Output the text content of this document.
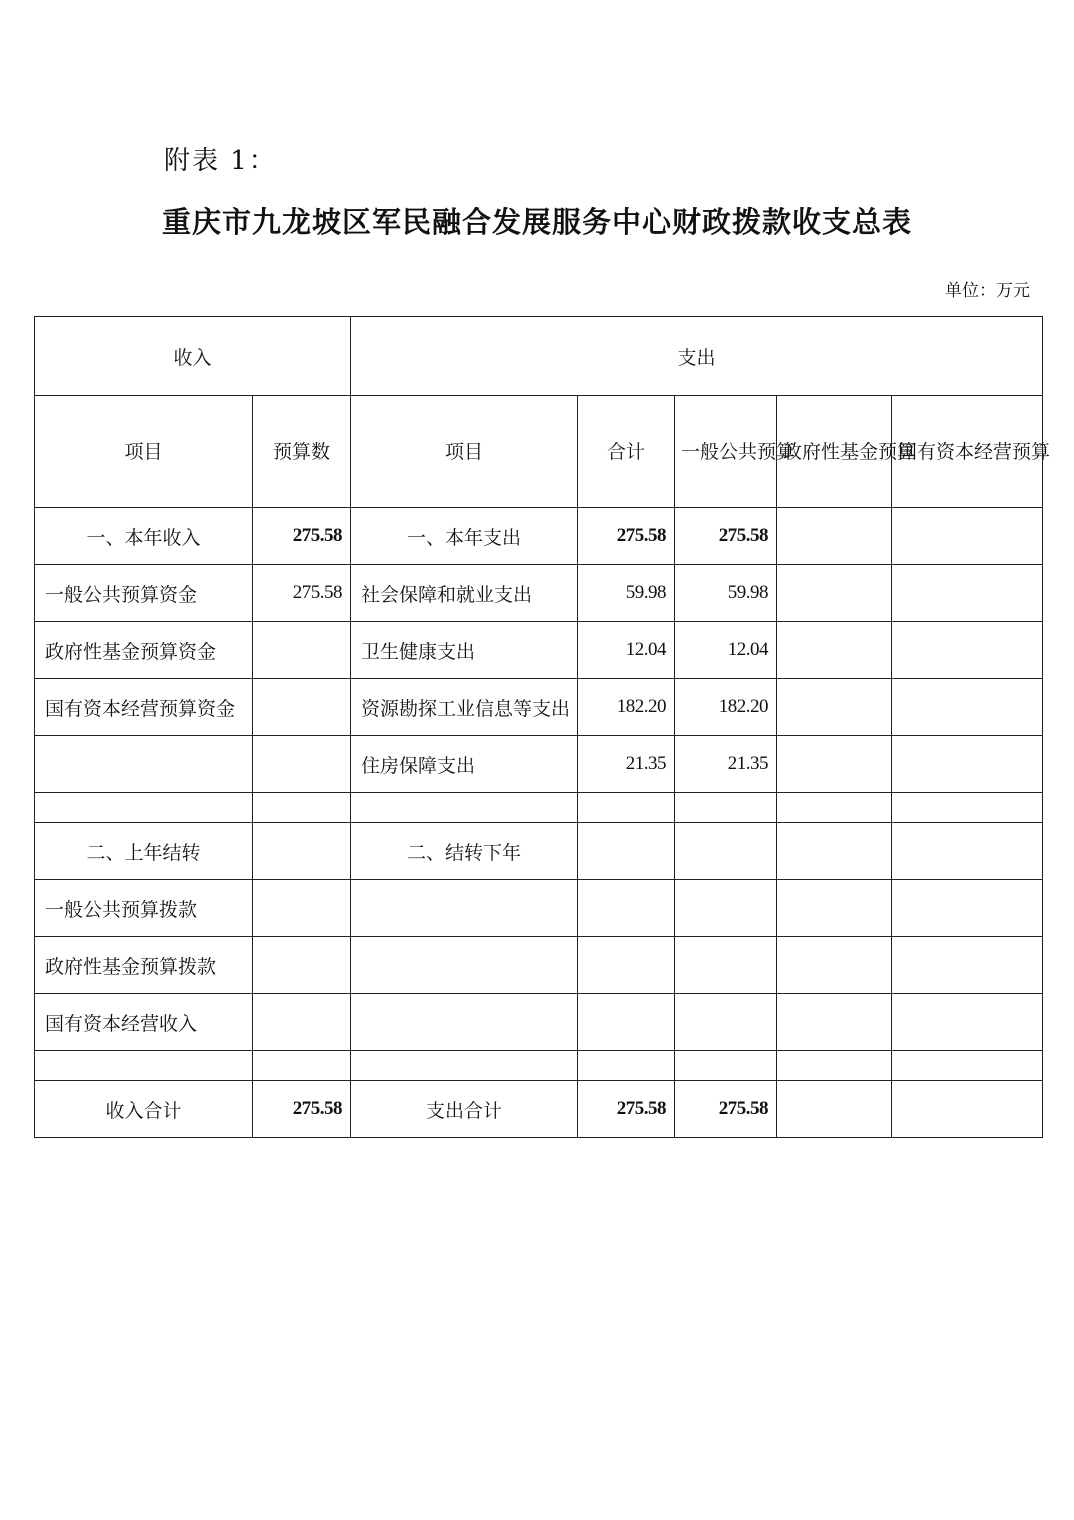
附表 1：
重庆市九龙坡区军民融合发展服务中心财政拨款收支总表
单位：万元
收入		支出				
项目	预算数	项目	合计	一般公共预算	政府性基金预算	国有资本经营预算
一、本年收入	275.58	一、本年支出	275.58	275.58		
一般公共预算资金	275.58	社会保障和就业支出	59.98	59.98		
政府性基金预算资金		卫生健康支出	12.04	12.04		
国有资本经营预算资金		资源勘探工业信息等支出	182.20	182.20		
		住房保障支出	21.35	21.35		

二、上年结转		二、结转下年				
一般公共预算拨款						
政府性基金预算拨款						
国有资本经营收入						

收入合计	275.58	支出合计	275.58	275.58		
